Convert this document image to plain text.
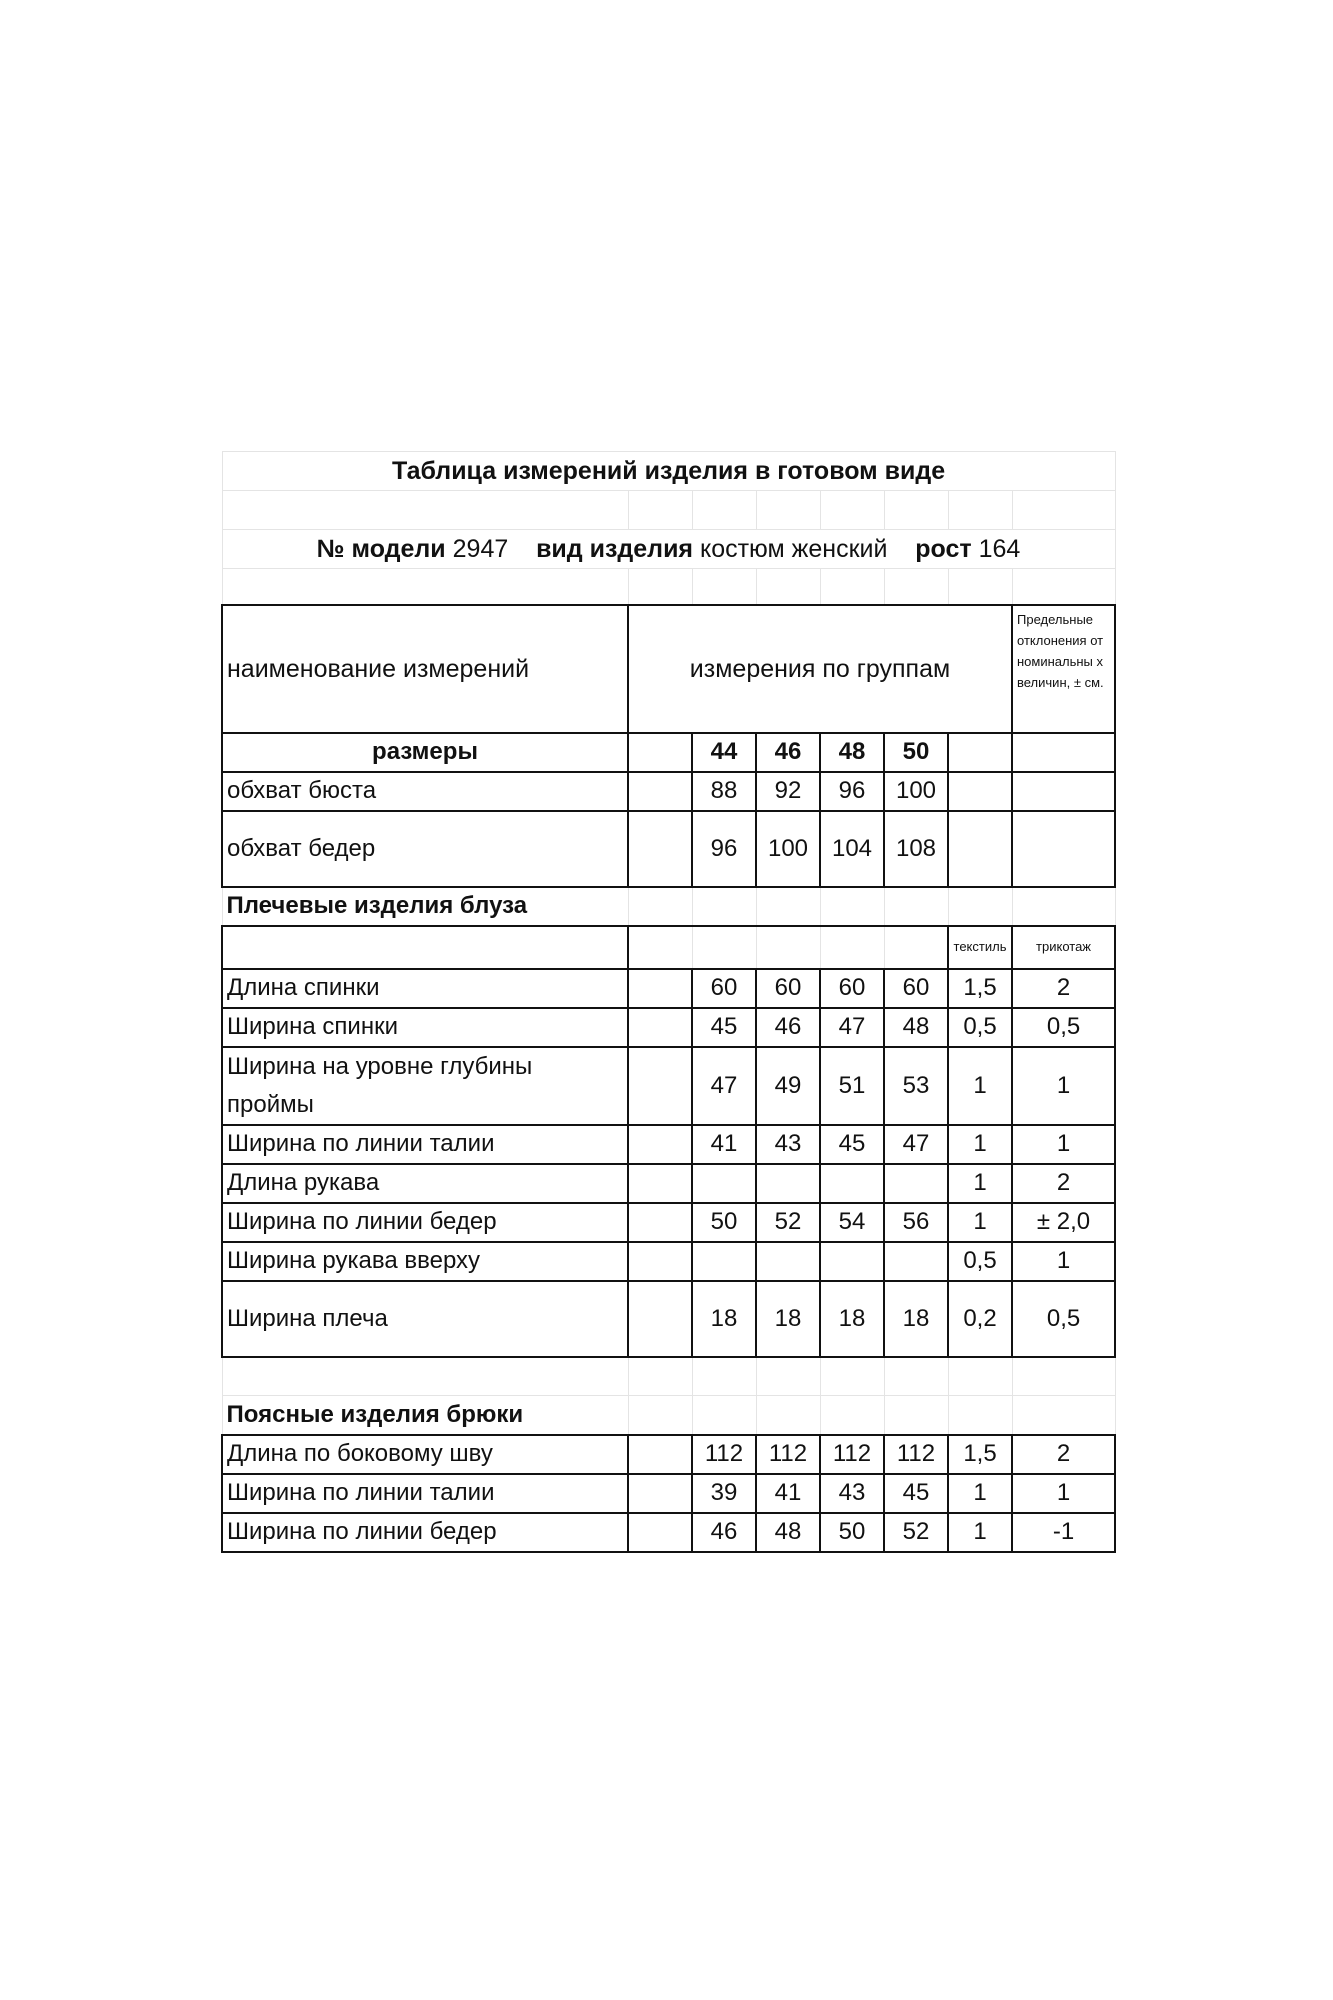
Таблица измерений изделия в готовом виде							

№ модели 2947 вид изделия костюм женский рост 164							

наименование измерений	измерения по группам						Предельные отклонения от номинальны х величин, ± см.
размеры		44	46	48	50		
обхват бюста		88	92	96	100		
обхват бедер		96	100	104	108		
Плечевые изделия блуза							
						текстиль	трикотаж
Длина спинки		60	60	60	60	1,5	2
Ширина спинки		45	46	47	48	0,5	0,5
Ширина на уровне глубины проймы		47	49	51	53	1	1
Ширина по линии талии		41	43	45	47	1	1
Длина рукава						1	2
Ширина по линии бедер		50	52	54	56	1	± 2,0
Ширина рукава вверху						0,5	1
Ширина плеча		18	18	18	18	0,2	0,5

Поясные изделия брюки							
Длина по боковому шву		112	112	112	112	1,5	2
Ширина по линии талии		39	41	43	45	1	1
Ширина по линии бедер		46	48	50	52	1	-1
